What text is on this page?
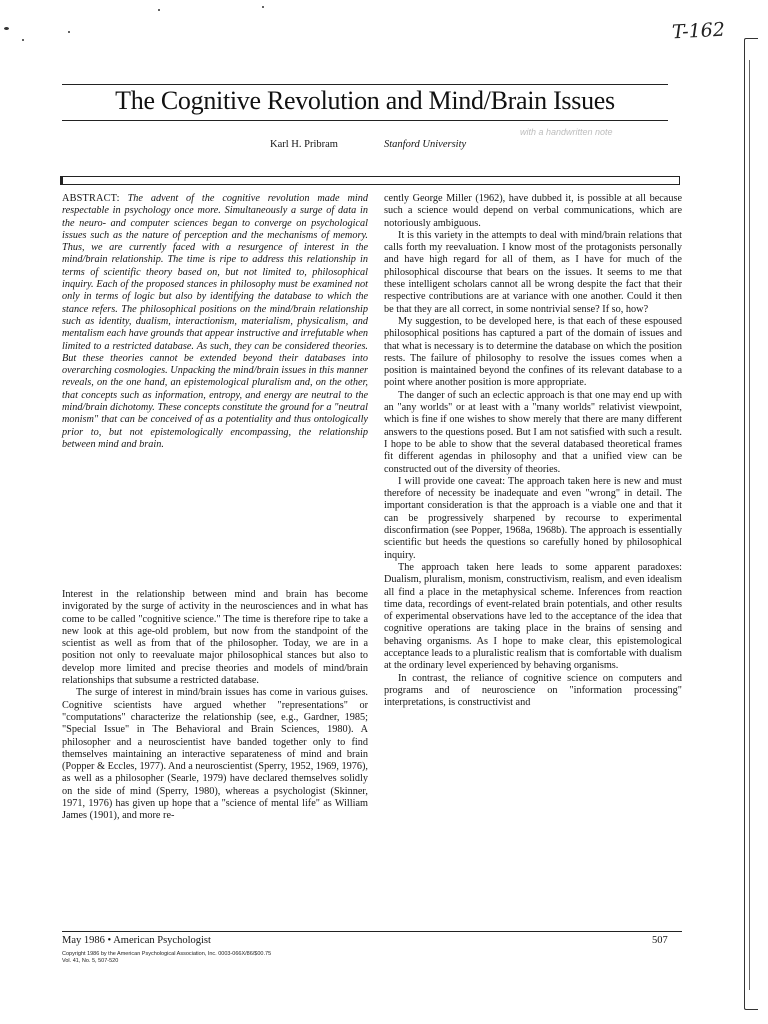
T-162
The Cognitive Revolution and Mind/Brain Issues
with a handwritten note
Karl H. Pribram	Stanford University

ABSTRACT: The advent of the cognitive revolution made mind respectable in psychology once more. Simultaneously a surge of data in the neuro- and computer sciences began to converge on psychological issues such as the nature of perception and the mechanisms of memory. Thus, we are currently faced with a resurgence of interest in the mind/brain relationship. The time is ripe to address this relationship in terms of scientific theory based on, but not limited to, philosophical inquiry. Each of the proposed stances in philosophy must be examined not only in terms of logic but also by identifying the database to which the stance refers. The philosophical positions on the mind/brain relationship such as identity, dualism, interactionism, materialism, physicalism, and mentalism each have grounds that appear instructive and irrefutable when limited to a restricted database. As such, they can be considered theories. But these theories cannot be extended beyond their databases into overarching cosmologies. Unpacking the mind/brain issues in this manner reveals, on the one hand, an epistemological pluralism and, on the other, that concepts such as information, entropy, and energy are neutral to the mind/brain dichotomy. These concepts constitute the ground for a "neutral monism" that can be conceived of as a potentiality and thus ontologically prior to, but not epistemologically encompassing, the relationship between mind and brain.

Interest in the relationship between mind and brain has become invigorated by the surge of activity in the neurosciences and in what has come to be called "cognitive science." The time is therefore ripe to take a new look at this age-old problem, but now from the standpoint of the scientist as well as from that of the philosopher. Today, we are in a position not only to reevaluate major philosophical stances but also to develop more limited and precise theories and models of mind/brain relationships that subsume a restricted database.

The surge of interest in mind/brain issues has come in various guises. Cognitive scientists have argued whether "representations" or "computations" characterize the relationship (see, e.g., Gardner, 1985; "Special Issue" in The Behavioral and Brain Sciences, 1980). A philosopher and a neuroscientist have banded together only to find themselves maintaining an interactive separateness of mind and brain (Popper & Eccles, 1977). And a neuroscientist (Sperry, 1952, 1969, 1976), as well as a philosopher (Searle, 1979) have declared themselves solidly on the side of mind (Sperry, 1980), whereas a psychologist (Skinner, 1971, 1976) has given up hope that a "science of mental life" as William James (1901), and more re-

cently George Miller (1962), have dubbed it, is possible at all because such a science would depend on verbal communications, which are notoriously ambiguous.

It is this variety in the attempts to deal with mind/brain relations that calls forth my reevaluation. I know most of the protagonists personally and have high regard for all of them, as I have for much of the philosophical discourse that bears on the issues. It seems to me that these intelligent scholars cannot all be wrong despite the fact that their respective contributions are at variance with one another. Could it then be that they are all correct, in some nontrivial sense? If so, how?

My suggestion, to be developed here, is that each of these espoused philosophical positions has captured a part of the domain of issues and that what is necessary is to determine the database on which the position rests. The failure of philosophy to resolve the issues comes when a position is maintained beyond the confines of its relevant database to a point where another position is more appropriate.

The danger of such an eclectic approach is that one may end up with an "any worlds" or at least with a "many worlds" relativist viewpoint, which is fine if one wishes to show merely that there are many different answers to the questions posed. But I am not satisfied with such a result. I hope to be able to show that the several databased theoretical frames fit different agendas in philosophy and that a unified view can be constructed out of the diversity of theories.

I will provide one caveat: The approach taken here is new and must therefore of necessity be inadequate and even "wrong" in detail. The important consideration is that the approach is a viable one and that it can be progressively sharpened by recourse to experimental disconfirmation (see Popper, 1968a, 1968b). The approach is essentially scientific but heeds the questions so carefully honed by philosophical inquiry.

The approach taken here leads to some apparent paradoxes: Dualism, pluralism, monism, constructivism, realism, and even idealism all find a place in the metaphysical scheme. Inferences from reaction time data, recordings of event-related brain potentials, and other results of experimental observations have led to the acceptance of the idea that cognitive operations are taking place in the brains of sensing and behaving organisms. As I hope to make clear, this epistemological acceptance leads to a pluralistic realism that is comfortable with dualism at the ordinary level experienced by behaving organisms.

In contrast, the reliance of cognitive science on computers and programs and of neuroscience on "information processing" interpretations, is constructivist and

May 1986 • American Psychologist	507
Copyright 1986 by the American Psychological Association, Inc. 0003-066X/86/$00.75
Vol. 41, No. 5, 507-520
